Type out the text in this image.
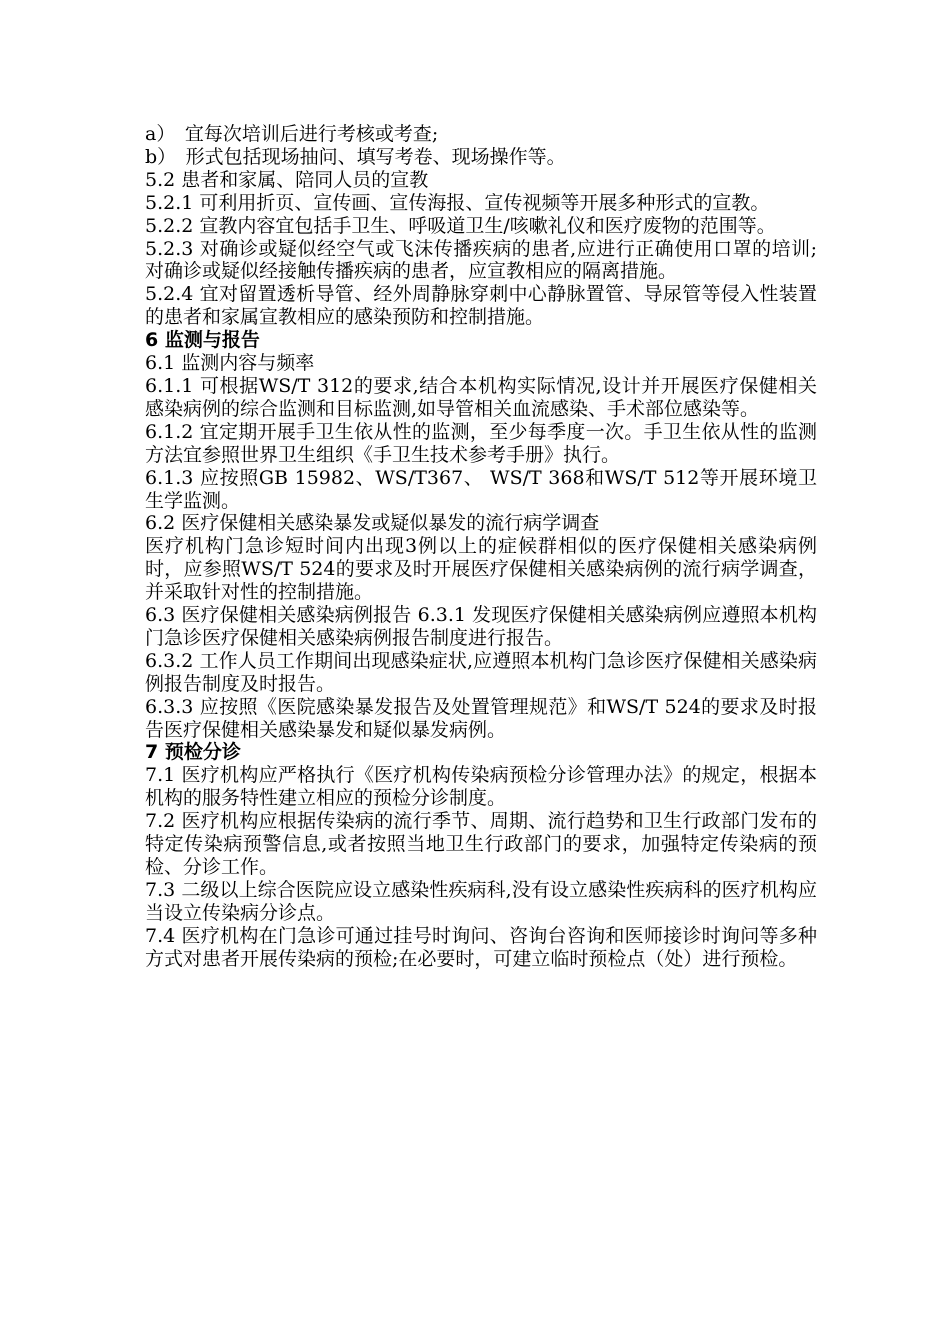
a）　宜每次培训后进行考核或考查;

b）　形式包括现场抽问、填写考卷、现场操作等。

5.2 患者和家属、陪同人员的宣教

5.2.1 可利用折页、宣传画、宣传海报、宣传视频等开展多种形式的宣教。

5.2.2 宣教内容宜包括手卫生、呼吸道卫生/咳嗽礼仪和医疗废物的范围等。

5.2.3 对确诊或疑似经空气或飞沫传播疾病的患者,应进行正确使用口罩的培训;对确诊或疑似经接触传播疾病的患者，应宣教相应的隔离措施。

5.2.4 宜对留置透析导管、经外周静脉穿刺中心静脉置管、导尿管等侵入性装置的患者和家属宣教相应的感染预防和控制措施。

6 监测与报告

6.1 监测内容与频率

6.1.1 可根据WS/T 312的要求,结合本机构实际情况,设计并开展医疗保健相关感染病例的综合监测和目标监测,如导管相关血流感染、手术部位感染等。

6.1.2 宜定期开展手卫生依从性的监测，至少每季度一次。手卫生依从性的监测方法宜参照世界卫生组织《手卫生技术参考手册》执行。

6.1.3 应按照GB 15982、WS/T367、 WS/T 368和WS/T 512等开展环境卫生学监测。

6.2 医疗保健相关感染暴发或疑似暴发的流行病学调查

医疗机构门急诊短时间内出现3例以上的症候群相似的医疗保健相关感染病例时，应参照WS/T 524的要求及时开展医疗保健相关感染病例的流行病学调查，并采取针对性的控制措施。

6.3 医疗保健相关感染病例报告 6.3.1 发现医疗保健相关感染病例应遵照本机构门急诊医疗保健相关感染病例报告制度进行报告。

6.3.2 工作人员工作期间出现感染症状,应遵照本机构门急诊医疗保健相关感染病例报告制度及时报告。

6.3.3 应按照《医院感染暴发报告及处置管理规范》和WS/T 524的要求及时报告医疗保健相关感染暴发和疑似暴发病例。

7 预检分诊

7.1 医疗机构应严格执行《医疗机构传染病预检分诊管理办法》的规定，根据本机构的服务特性建立相应的预检分诊制度。

7.2 医疗机构应根据传染病的流行季节、周期、流行趋势和卫生行政部门发布的特定传染病预警信息,或者按照当地卫生行政部门的要求，加强特定传染病的预检、分诊工作。

7.3 二级以上综合医院应设立感染性疾病科,没有设立感染性疾病科的医疗机构应当设立传染病分诊点。

7.4 医疗机构在门急诊可通过挂号时询问、咨询台咨询和医师接诊时询问等多种方式对患者开展传染病的预检;在必要时，可建立临时预检点（处）进行预检。
